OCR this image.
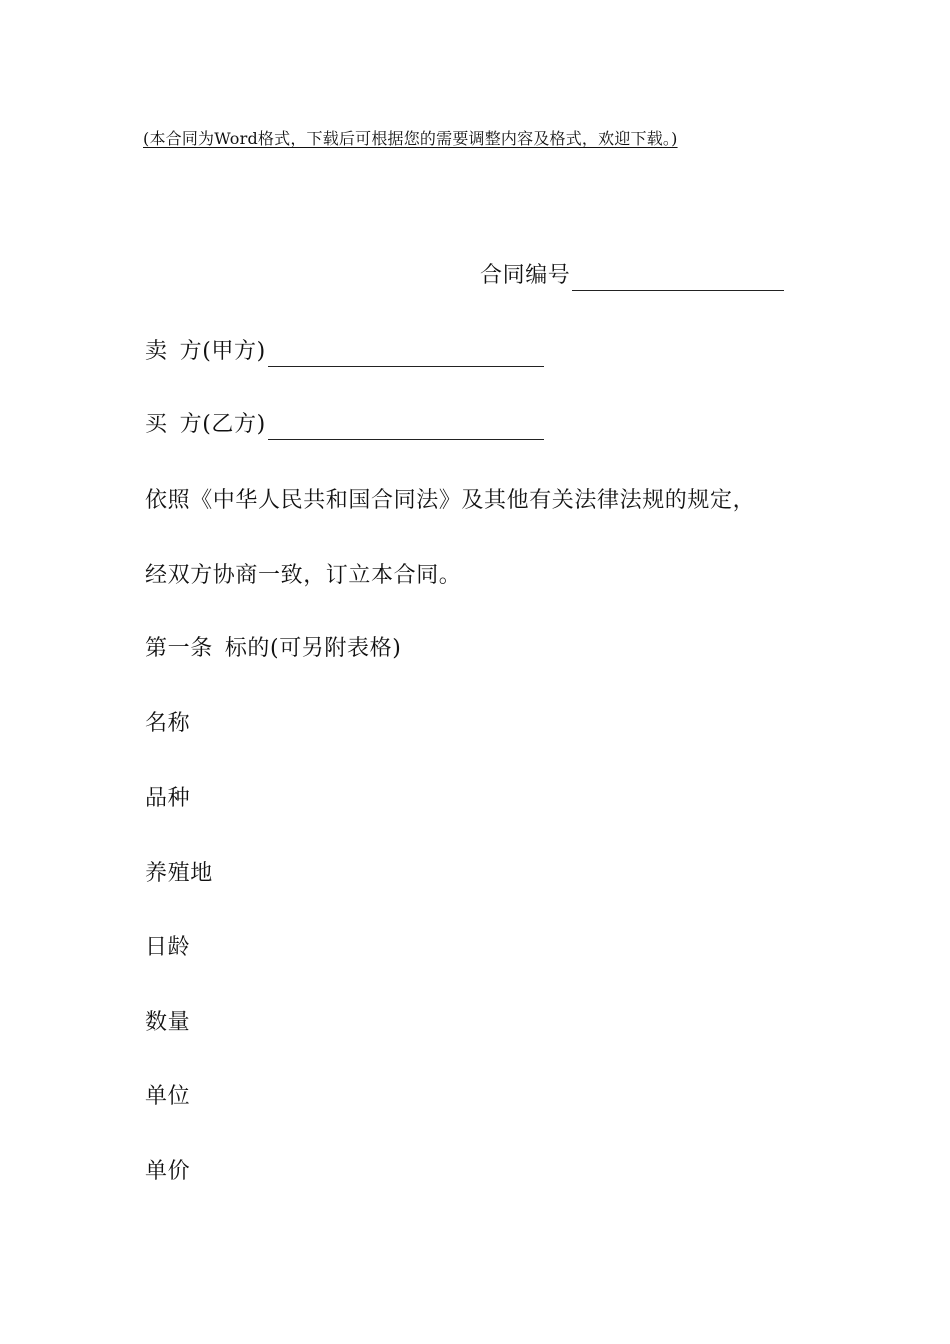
(本合同为Word格式，下载后可根据您的需要调整内容及格式，欢迎下载。)
合同编号
卖 方(甲方)
买 方(乙方)
依照《中华人民共和国合同法》及其他有关法律法规的规定，
经双方协商一致，订立本合同。
第一条 标的(可另附表格)
名称
品种
养殖地
日龄
数量
单位
单价
